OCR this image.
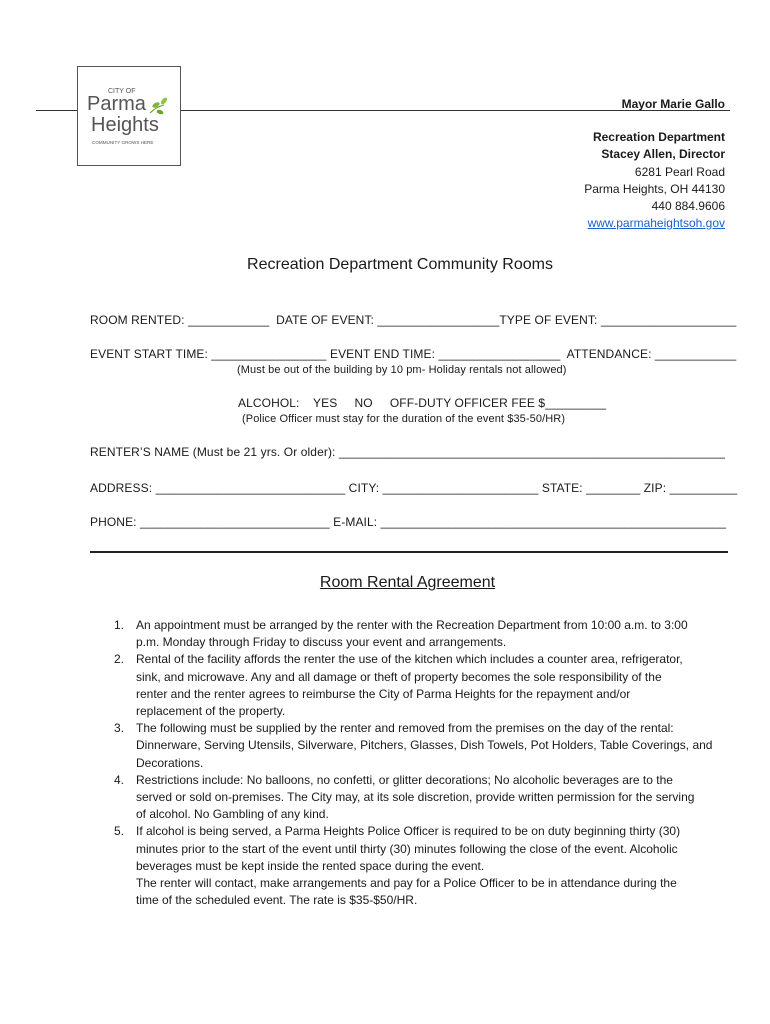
CITY OF
Parma
Heights
COMMUNITY GROWS HERE
Mayor Marie Gallo
Recreation Department
Stacey Allen, Director
6281 Pearl Road
Parma Heights, OH 44130
440 884.9606
www.parmaheightsoh.gov
Recreation Department Community Rooms
ROOM RENTED: ____________  DATE OF EVENT: __________________TYPE OF EVENT: ____________________
EVENT START TIME: _________________ EVENT END TIME: __________________  ATTENDANCE: ____________
(Must be out of the building by 10 pm- Holiday rentals not allowed)
ALCOHOL:    YES     NO     OFF-DUTY OFFICER FEE $_________
(Police Officer must stay for the duration of the event $35-50/HR)
RENTER’S NAME (Must be 21 yrs. Or older): _________________________________________________________
ADDRESS: ____________________________ CITY: _______________________ STATE: ________ ZIP: __________
PHONE: ____________________________ E-MAIL: ___________________________________________________
Room Rental Agreement
1. An appointment must be arranged by the renter with the Recreation Department from 10:00 a.m. to 3:00
p.m. Monday through Friday to discuss your event and arrangements.
2. Rental of the facility affords the renter the use of the kitchen which includes a counter area, refrigerator,
sink, and microwave. Any and all damage or theft of property becomes the sole responsibility of the
renter and the renter agrees to reimburse the City of Parma Heights for the repayment and/or
replacement of the property.
3. The following must be supplied by the renter and removed from the premises on the day of the rental:
Dinnerware, Serving Utensils, Silverware, Pitchers, Glasses, Dish Towels, Pot Holders, Table Coverings, and
Decorations.
4. Restrictions include: No balloons, no confetti, or glitter decorations; No alcoholic beverages are to the
served or sold on-premises. The City may, at its sole discretion, provide written permission for the serving
of alcohol. No Gambling of any kind.
5. If alcohol is being served, a Parma Heights Police Officer is required to be on duty beginning thirty (30)
minutes prior to the start of the event until thirty (30) minutes following the close of the event. Alcoholic
beverages must be kept inside the rented space during the event.
The renter will contact, make arrangements and pay for a Police Officer to be in attendance during the
time of the scheduled event. The rate is $35-$50/HR.
